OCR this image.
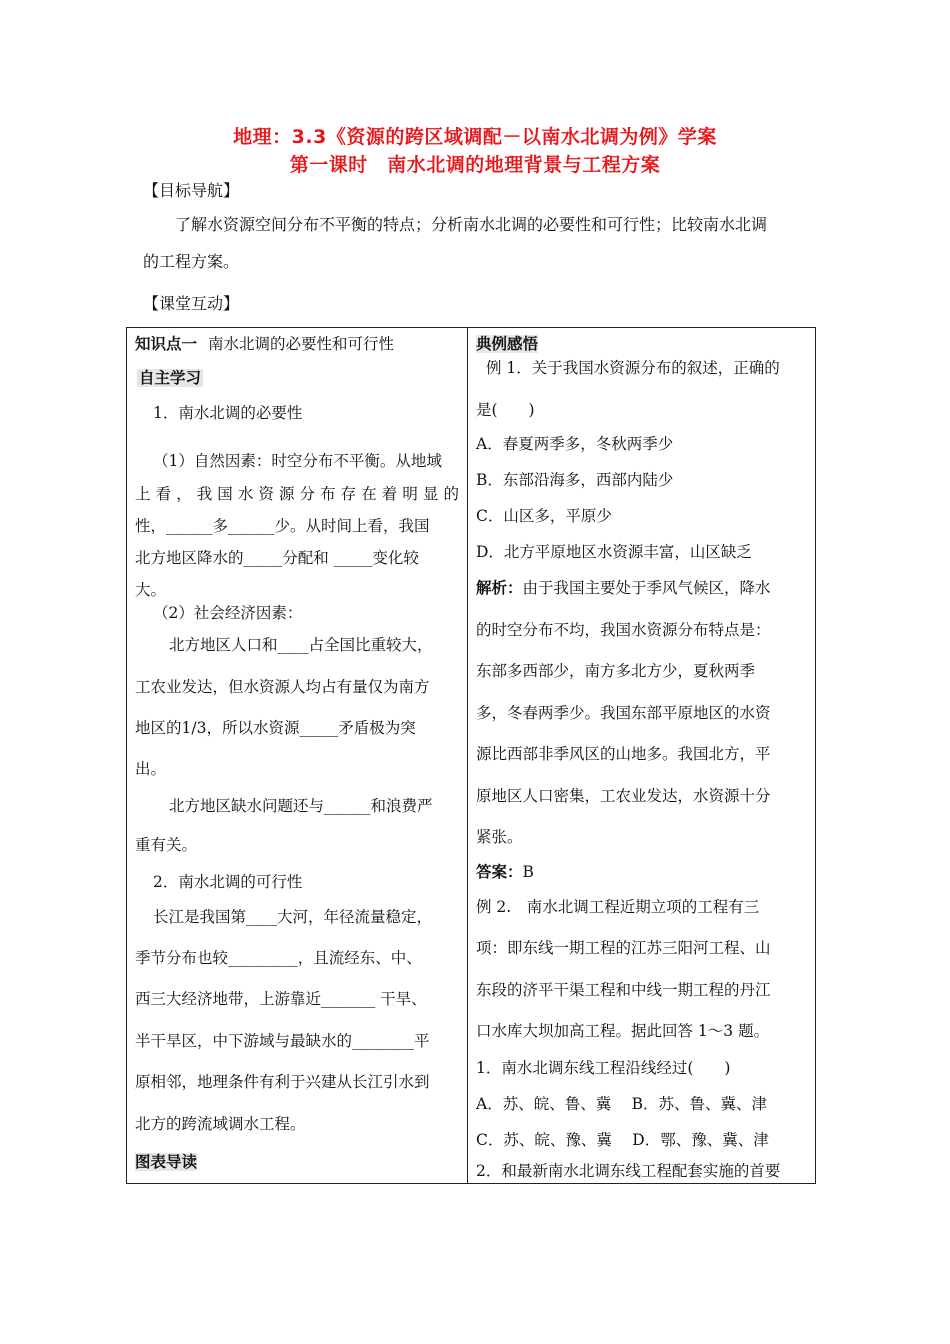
地理：3.3《资源的跨区域调配－以南水北调为例》学案
第一课时　南水北调的地理背景与工程方案
【目标导航】
了解水资源空间分布不平衡的特点；分析南水北调的必要性和可行性；比较南水北调
的工程方案。
【课堂互动】
知识点一 南水北调的必要性和可行性
自主学习
1．南水北调的必要性
（1）自然因素：时空分布不平衡。从地域
上看，我国水资源分布存在着明显的
性，______多______少。从时间上看，我国
北方地区降水的_____分配和 _____变化较
大。
（2）社会经济因素：
北方地区人口和____占全国比重较大，
工农业发达，但水资源人均占有量仅为南方
地区的1/3，所以水资源_____矛盾极为突
出。
北方地区缺水问题还与______和浪费严
重有关。
2．南水北调的可行性
长江是我国第____大河，年径流量稳定，
季节分布也较_________，且流经东、中、
西三大经济地带，上游靠近_______ 干旱、
半干旱区，中下游域与最缺水的________平
原相邻，地理条件有利于兴建从长江引水到
北方的跨流域调水工程。
图表导读

典例感悟
例 1．关于我国水资源分布的叙述，正确的
是(　　)
A．春夏两季多，冬秋两季少
B．东部沿海多，西部内陆少
C．山区多，平原少
D．北方平原地区水资源丰富，山区缺乏
解析：由于我国主要处于季风气候区，降水
的时空分布不均，我国水资源分布特点是：
东部多西部少，南方多北方少，夏秋两季
多，冬春两季少。我国东部平原地区的水资
源比西部非季风区的山地多。我国北方，平
原地区人口密集，工农业发达，水资源十分
紧张。
答案：B
例 2.　南水北调工程近期立项的工程有三
项：即东线一期工程的江苏三阳河工程、山
东段的济平干渠工程和中线一期工程的丹江
口水库大坝加高工程。据此回答 1～3 题。
1．南水北调东线工程沿线经过(　　)
A．苏、皖、鲁、冀　 B．苏、鲁、冀、津
C．苏、皖、豫、冀　 D．鄂、豫、冀、津
2．和最新南水北调东线工程配套实施的首要
